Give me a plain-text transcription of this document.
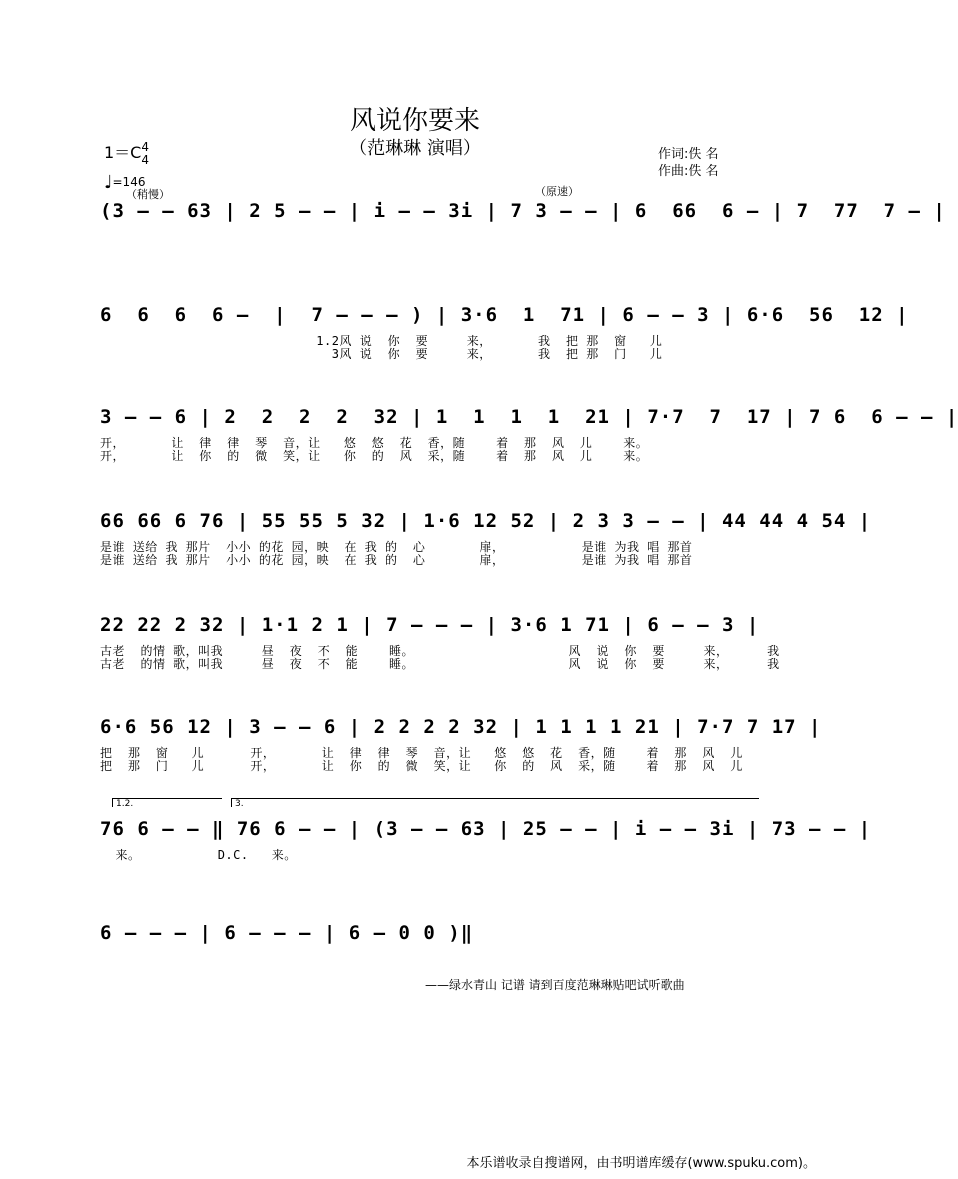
风说你要来
（范琳琳 演唱）
1＝C4
4
♩=146
作词:佚 名
作曲:佚 名
（稍慢）	（原速）
(3 — — 63 | 2 5 — — | i — — 3i | 7 3 — — | 6  66  6 — | 7  77  7 — |
6  6  6  6 —  |  7 — — — ) | 3·6  1  71 | 6 — — 3 | 6·6  56  12 |
1.2风 说  你  要     来，      我  把 那  窗   儿
3风 说  你  要     来，      我  把 那  门   儿
3 — — 6 | 2  2  2  2  32 | 1  1  1  1  21 | 7·7  7  17 | 7 6  6 — — |
开，      让  律  律  琴  音，让   悠  悠  花  香，随    着  那  风  儿    来。
开，      让  你  的  微  笑，让   你  的  风  采，随    着  那  风  儿    来。
66 66 6 76 | 55 55 5 32 | 1·6 12 52 | 2 3 3 — — | 44 44 4 54 |
是谁 送给 我 那片  小小 的花 园，映  在 我 的  心       扉，          是谁 为我 唱 那首
是谁 送给 我 那片  小小 的花 园，映  在 我 的  心       扉，          是谁 为我 唱 那首
22 22 2 32 | 1·1 2 1 | 7 — — — | 3·6 1 71 | 6 — — 3 |
古老  的情 歌，叫我     昼  夜  不  能    睡。                    风  说  你  要     来，     我
古老  的情 歌，叫我     昼  夜  不  能    睡。                    风  说  你  要     来，     我
6·6 56 12 | 3 — — 6 | 2 2 2 2 32 | 1 1 1 1 21 | 7·7 7 17 |
把  那  窗   儿      开，      让  律  律  琴  音，让   悠  悠  花  香，随    着  那  风  儿
把  那  门   儿      开，      让  你  的  微  笑，让   你  的  风  采，随    着  那  风  儿
1.2.	3.
76 6 — — ‖ 76 6 — — | (3 — — 63 | 25 — — | i — — 3i | 73 — — |
来。          D.C.   来。
6 — — — | 6 — — — | 6 — 0 0 )‖
——绿水青山 记谱 请到百度范琳琳贴吧试听歌曲
本乐谱收录自搜谱网，由书明谱库缓存(www.spuku.com)。
